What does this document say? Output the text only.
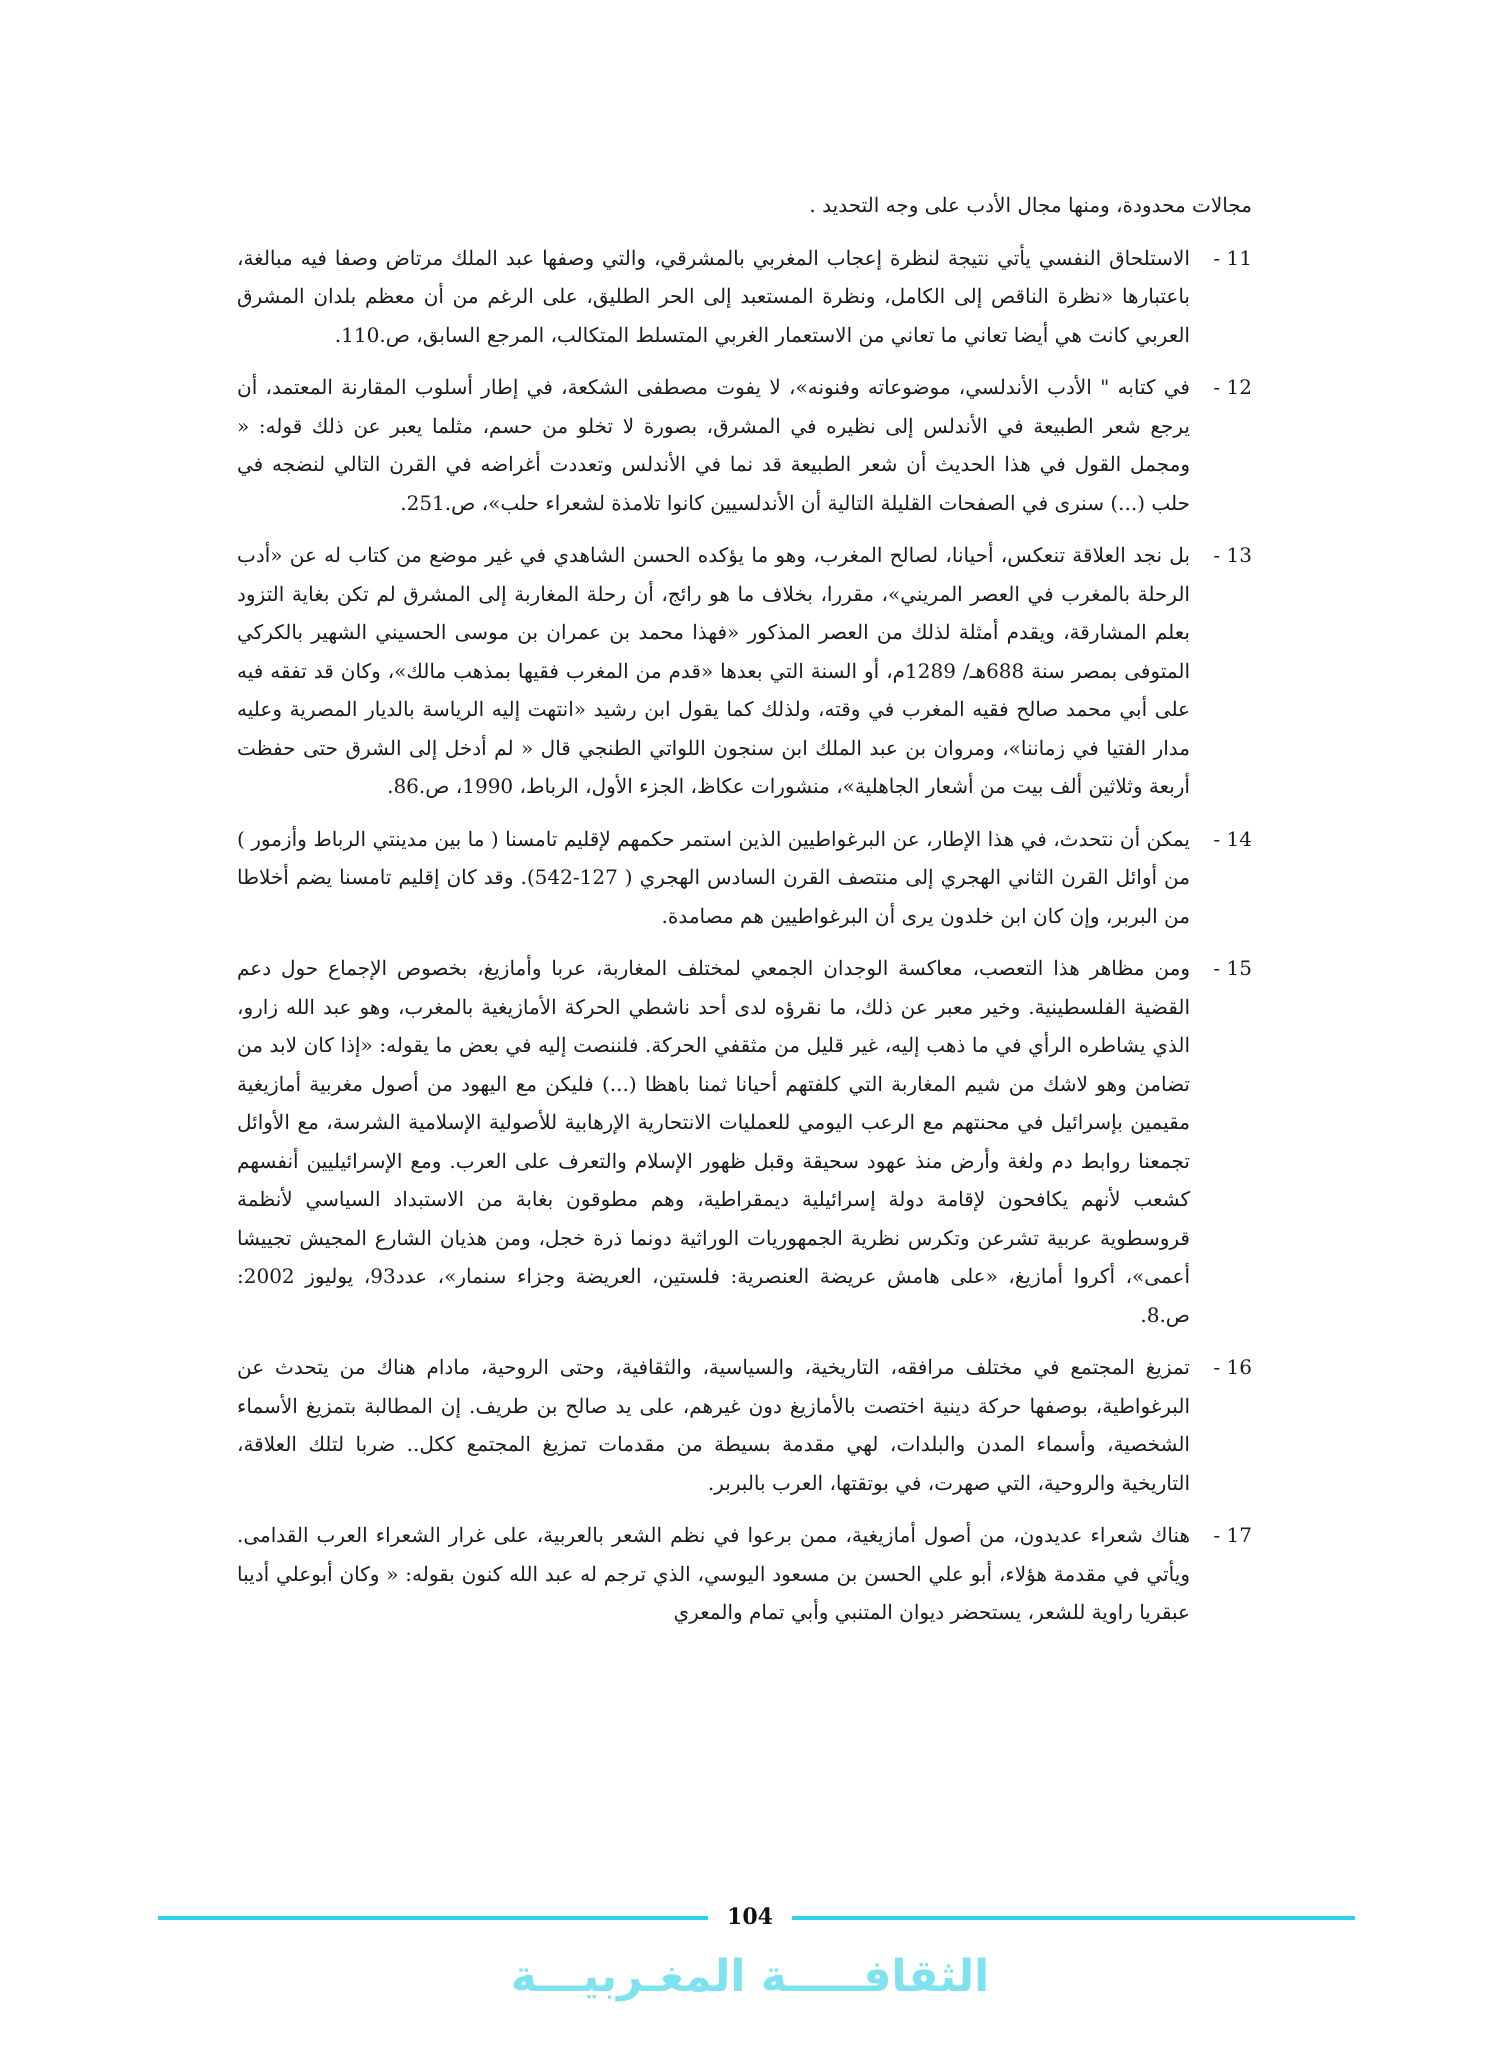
مجالات محدودة، ومنها مجال الأدب على وجه التحديد .

11 -
الاستلحاق النفسي يأتي نتيجة لنظرة إعجاب المغربي بالمشرقي، والتي وصفها عبد الملك مرتاض وصفا فيه مبالغة، باعتبارها «نظرة الناقص إلى الكامل، ونظرة المستعبد إلى الحر الطليق، على الرغم من أن معظم بلدان المشرق العربي كانت هي أيضا تعاني ما تعاني من الاستعمار الغربي المتسلط المتكالب، المرجع السابق، ص.110.
12 -
في كتابه " الأدب الأندلسي، موضوعاته وفنونه»، لا يفوت مصطفى الشكعة، في إطار أسلوب المقارنة المعتمد، أن يرجع شعر الطبيعة في الأندلس إلى نظيره في المشرق، بصورة لا تخلو من حسم، مثلما يعبر عن ذلك قوله: « ومجمل القول في هذا الحديث أن شعر الطبيعة قد نما في الأندلس وتعددت أغراضه في القرن التالي لنضجه في حلب (...) سنرى في الصفحات القليلة التالية أن الأندلسيين كانوا تلامذة لشعراء حلب»، ص.251.
13 -
بل نجد العلاقة تنعكس، أحيانا، لصالح المغرب، وهو ما يؤكده الحسن الشاهدي في غير موضع من كتاب له عن «أدب الرحلة بالمغرب في العصر المريني»، مقررا، بخلاف ما هو رائج، أن رحلة المغاربة إلى المشرق لم تكن بغاية التزود بعلم المشارقة، ويقدم أمثلة لذلك من العصر المذكور «فهذا محمد بن عمران بن موسى الحسيني الشهير بالكركي المتوفى بمصر سنة 688هـ/ 1289م، أو السنة التي بعدها «قدم من المغرب فقيها بمذهب مالك»، وكان قد تفقه فيه على أبي محمد صالح فقيه المغرب في وقته، ولذلك كما يقول ابن رشيد «انتهت إليه الرياسة بالديار المصرية وعليه مدار الفتيا في زماننا»، ومروان بن عبد الملك ابن سنجون اللواتي الطنجي قال « لم أدخل إلى الشرق حتى حفظت أربعة وثلاثين ألف بيت من أشعار الجاهلية»، منشورات عكاظ، الجزء الأول، الرباط، 1990، ص.86.
14 -
يمكن أن نتحدث، في هذا الإطار، عن البرغواطيين الذين استمر حكمهم لإقليم تامسنا ( ما بين مدينتي الرباط وأزمور ) من أوائل القرن الثاني الهجري إلى منتصف القرن السادس الهجري ( 127-542). وقد كان إقليم تامسنا يضم أخلاطا من البربر، وإن كان ابن خلدون يرى أن البرغواطيين هم مصامدة.
15 -
ومن مظاهر هذا التعصب، معاكسة الوجدان الجمعي لمختلف المغاربة، عربا وأمازيغ، بخصوص الإجماع حول دعم القضية الفلسطينية. وخير معبر عن ذلك، ما نقرؤه لدى أحد ناشطي الحركة الأمازيغية بالمغرب، وهو عبد الله زارو، الذي يشاطره الرأي في ما ذهب إليه، غير قليل من مثقفي الحركة. فلننصت إليه في بعض ما يقوله: «إذا كان لابد من تضامن وهو لاشك من شيم المغاربة التي كلفتهم أحيانا ثمنا باهظا (...) فليكن مع اليهود من أصول مغربية أمازيغية مقيمين بإسرائيل في محنتهم مع الرعب اليومي للعمليات الانتحارية الإرهابية للأصولية الإسلامية الشرسة، مع الأوائل تجمعنا روابط دم ولغة وأرض منذ عهود سحيقة وقبل ظهور الإسلام والتعرف على العرب. ومع الإسرائيليين أنفسهم كشعب لأنهم يكافحون لإقامة دولة إسرائيلية ديمقراطية، وهم مطوقون بغابة من الاستبداد السياسي لأنظمة قروسطوية عربية تشرعن وتكرس نظرية الجمهوريات الوراثية دونما ذرة خجل، ومن هذيان الشارع المجيش تجييشا أعمى»، أكروا أمازيغ، «على هامش عريضة العنصرية: فلستين، العريضة وجزاء سنمار»، عدد93، يوليوز 2002: ص.8.
16 -
تمزيغ المجتمع في مختلف مرافقه، التاريخية، والسياسية، والثقافية، وحتى الروحية، مادام هناك من يتحدث عن البرغواطية، بوصفها حركة دينية اختصت بالأمازيغ دون غيرهم، على يد صالح بن طريف. إن المطالبة بتمزيغ الأسماء الشخصية، وأسماء المدن والبلدات، لهي مقدمة بسيطة من مقدمات تمزيغ المجتمع ككل.. ضربا لتلك العلاقة، التاريخية والروحية، التي صهرت، في بوتقتها، العرب بالبربر.
17 -
هناك شعراء عديدون، من أصول أمازيغية، ممن برعوا في نظم الشعر بالعربية، على غرار الشعراء العرب القدامى. ويأتي في مقدمة هؤلاء، أبو علي الحسن بن مسعود اليوسي، الذي ترجم له عبد الله كنون بقوله: « وكان أبوعلي أديبا عبقريا راوية للشعر، يستحضر ديوان المتنبي وأبي تمام والمعري
104
الثقافـــــة المغـربيـــة
